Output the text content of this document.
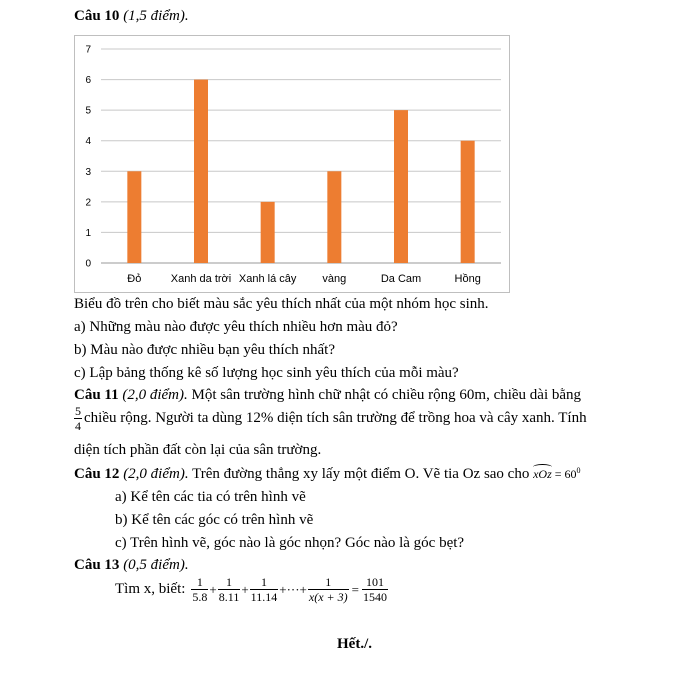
Câu 10 (1,5 điểm).
0
1
2
3
4
5
6
7
Đỏ	Xanh da trời Xanh lá cây vàng	Da Cam	Hồng
Biểu đồ trên cho biết màu sắc yêu thích nhất của một nhóm học sinh.
a) Những màu nào được yêu thích nhiều hơn màu đỏ?
b) Màu nào được nhiều bạn yêu thích nhất?
c) Lập bảng thống kê số lượng học sinh yêu thích của mỗi màu?
Câu 11 (2,0 điểm). Một sân trường hình chữ nhật có chiều rộng 60m, chiều dài bằng
$\frac{5}{4}$ chiều rộng. Người ta dùng 12% diện tích sân trường để trồng hoa và cây xanh. Tính
diện tích phần đất còn lại của sân trường.
Câu 12 (2,0 điểm). Trên đường thẳng xy lấy một điểm O. Vẽ tia Oz sao cho xOz = $60^0$
a) Kể tên các tia có trên hình vẽ
b) Kể tên các góc có trên hình vẽ
c) Trên hình vẽ, góc nào là góc nhọn? Góc nào là góc bẹt?
Câu 13 (0,5 điểm).
Tìm x, biết: $\frac{1}{5.8} + \frac{1}{8.11} + \frac{1}{11.14}$ +···+ $\frac{1}{x(x + 3)} = \frac{101}{1540}$
Hết./.
